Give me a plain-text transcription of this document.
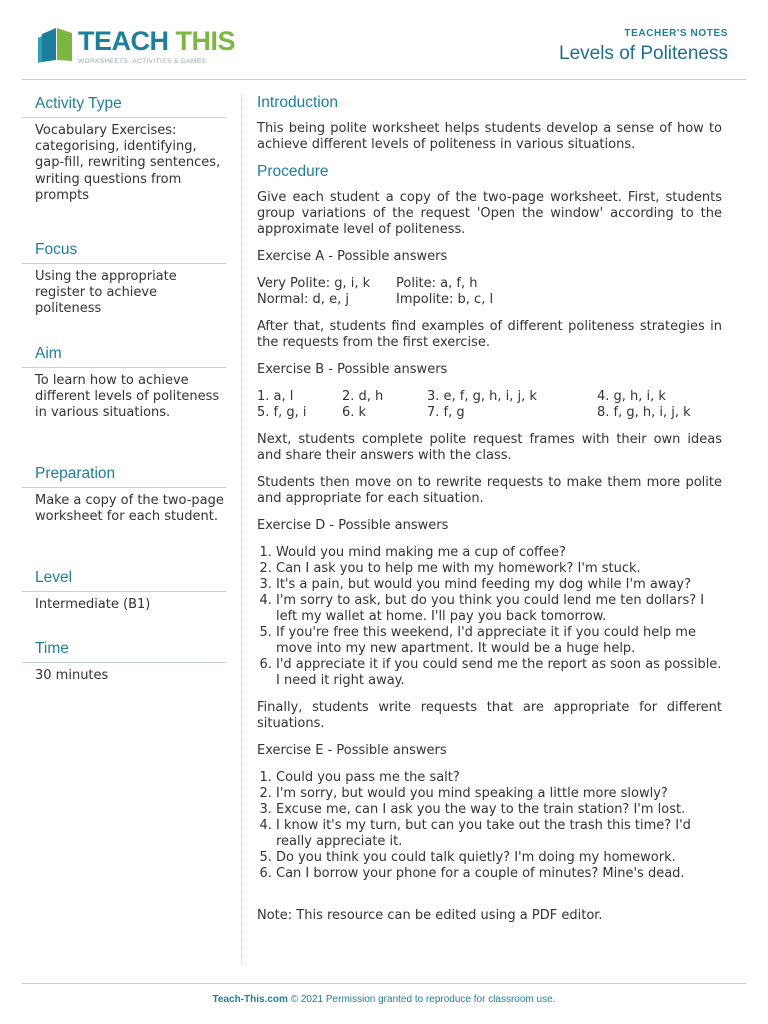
TEACH THIS
WORKSHEETS, ACTIVITIES & GAMES
TEACHER'S NOTES
Levels of Politeness
Activity Type
Vocabulary Exercises: categorising, identifying, gap-fill, rewriting sentences, writing questions from prompts
Focus
Using the appropriate register to achieve politeness
Aim
To learn how to achieve different levels of politeness in various situations.
Preparation
Make a copy of the two-page worksheet for each student.
Level
Intermediate (B1)
Time
30 minutes
Introduction

This being polite worksheet helps students develop a sense of how to achieve different levels of politeness in various situations.

Procedure

Give each student a copy of the two-page worksheet. First, students group variations of the request 'Open the window' according to the approximate level of politeness.

Exercise A - Possible answers

Very Polite: g, i, k	Polite: a, f, h
Normal: d, e, j	Impolite: b, c, l

After that, students find examples of different politeness strategies in the requests from the first exercise.

Exercise B - Possible answers

1. a, l	2. d, h	3. e, f, g, h, i, j, k	4. g, h, i, k
5. f, g, i	6. k	7. f, g	8. f, g, h, i, j, k

Next, students complete polite request frames with their own ideas and share their answers with the class.

Students then move on to rewrite requests to make them more polite and appropriate for each situation.

Exercise D - Possible answers

1. Would you mind making me a cup of coffee?
2. Can I ask you to help me with my homework? I'm stuck.
3. It's a pain, but would you mind feeding my dog while I'm away?
4. I'm sorry to ask, but do you think you could lend me ten dollars? I left my wallet at home. I'll pay you back tomorrow.
5. If you're free this weekend, I'd appreciate it if you could help me move into my new apartment. It would be a huge help.
6. I'd appreciate it if you could send me the report as soon as possible. I need it right away.

Finally, students write requests that are appropriate for different situations.

Exercise E - Possible answers

1. Could you pass me the salt?
2. I'm sorry, but would you mind speaking a little more slowly?
3. Excuse me, can I ask you the way to the train station? I'm lost.
4. I know it's my turn, but can you take out the trash this time? I'd really appreciate it.
5. Do you think you could talk quietly? I'm doing my homework.
6. Can I borrow your phone for a couple of minutes? Mine's dead.

Note: This resource can be edited using a PDF editor.

Teach-This.com © 2021 Permission granted to reproduce for classroom use.
